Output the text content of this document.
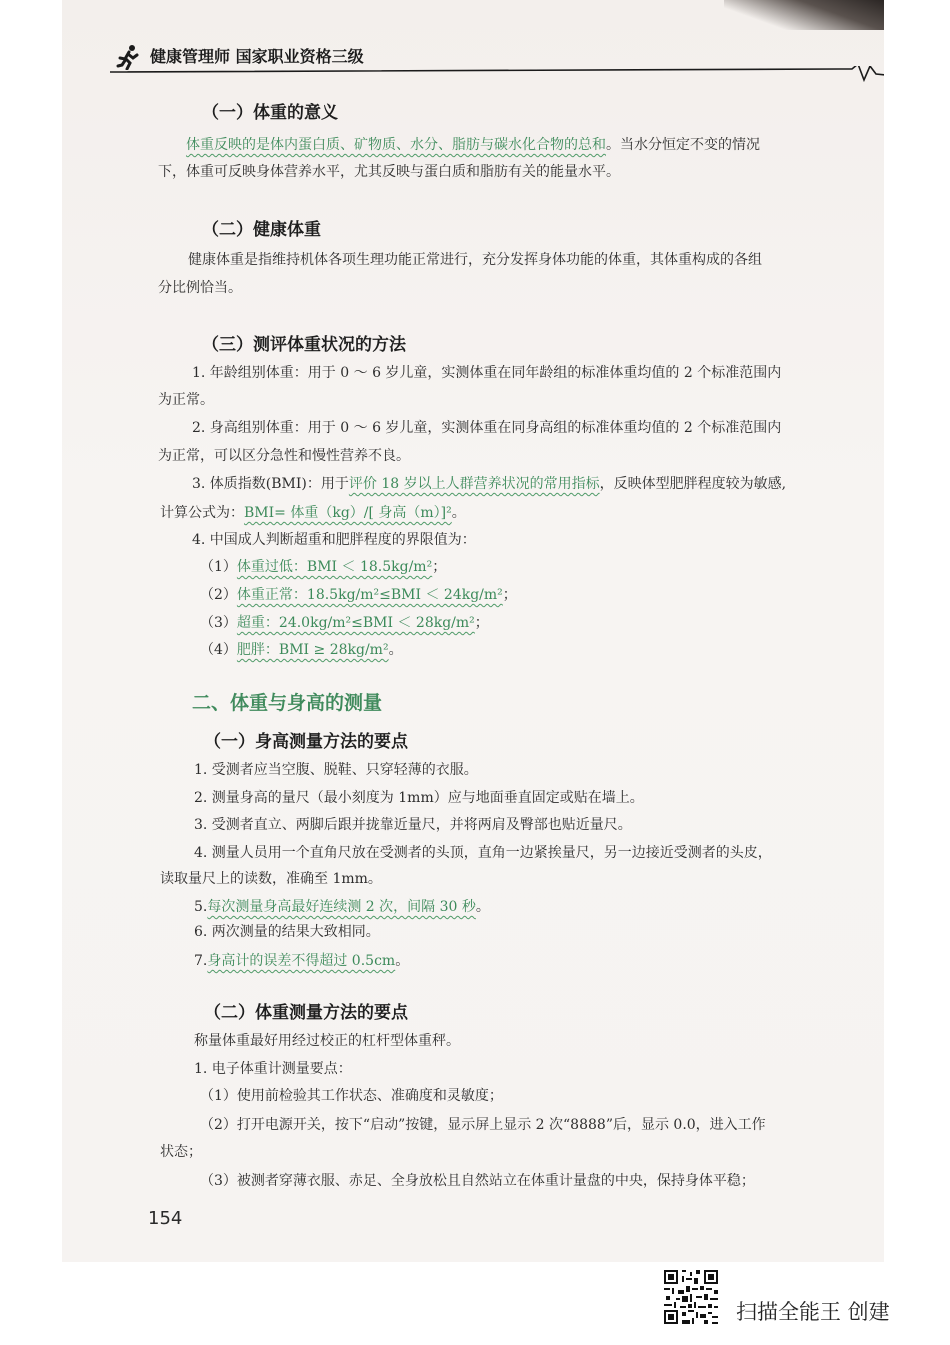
健康管理师 国家职业资格三级
（一）体重的意义
体重反映的是体内蛋白质、矿物质、水分、脂肪与碳水化合物的总和。当水分恒定不变的情况
下，体重可反映身体营养水平，尤其反映与蛋白质和脂肪有关的能量水平。
（二）健康体重
健康体重是指维持机体各项生理功能正常进行，充分发挥身体功能的体重，其体重构成的各组
分比例恰当。
（三）测评体重状况的方法
1. 年龄组别体重：用于 0 ～ 6 岁儿童，实测体重在同年龄组的标准体重均值的 2 个标准范围内
为正常。
2. 身高组别体重：用于 0 ～ 6 岁儿童，实测体重在同身高组的标准体重均值的 2 个标准范围内
为正常，可以区分急性和慢性营养不良。
3. 体质指数(BMI)：用于评价 18 岁以上人群营养状况的常用指标，反映体型肥胖程度较为敏感,
计算公式为：BMI= 体重（kg）/[ 身高（m）]²。
4. 中国成人判断超重和肥胖程度的界限值为：
（1）体重过低：BMI ＜ 18.5kg/m²；
（2）体重正常：18.5kg/m²≤BMI ＜ 24kg/m²；
（3）超重：24.0kg/m²≤BMI ＜ 28kg/m²；
（4）肥胖：BMI ≥ 28kg/m²。
二、体重与身高的测量
（一）身高测量方法的要点
1. 受测者应当空腹、脱鞋、只穿轻薄的衣服。
2. 测量身高的量尺（最小刻度为 1mm）应与地面垂直固定或贴在墙上。
3. 受测者直立、两脚后跟并拢靠近量尺，并将两肩及臀部也贴近量尺。
4. 测量人员用一个直角尺放在受测者的头顶，直角一边紧挨量尺，另一边接近受测者的头皮，
读取量尺上的读数，准确至 1mm。
5.每次测量身高最好连续测 2 次，间隔 30 秒。
6. 两次测量的结果大致相同。
7.身高计的误差不得超过 0.5cm。
（二）体重测量方法的要点
称量体重最好用经过校正的杠杆型体重秤。
1. 电子体重计测量要点：
（1）使用前检验其工作状态、准确度和灵敏度；
（2）打开电源开关，按下“启动”按键，显示屏上显示 2 次“8888”后，显示 0.0，进入工作
状态；
（3）被测者穿薄衣服、赤足、全身放松且自然站立在体重计量盘的中央，保持身体平稳；
154
扫描全能王 创建
